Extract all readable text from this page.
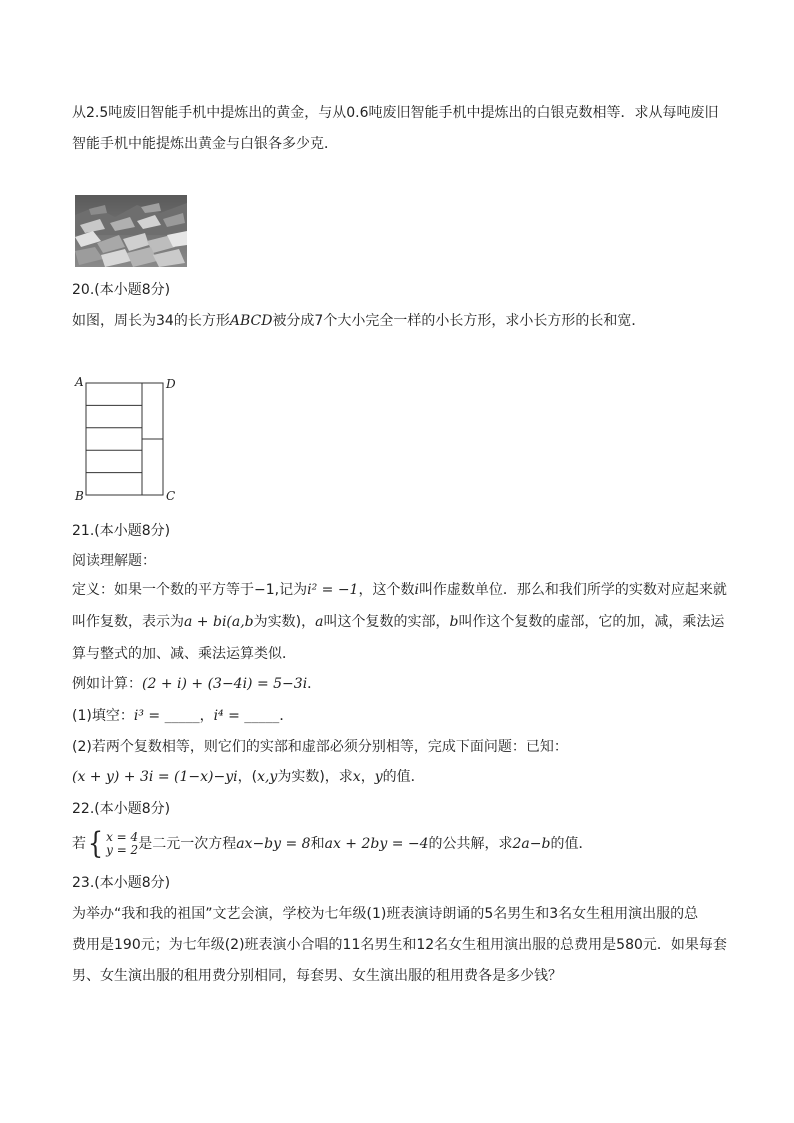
从2.5吨废旧智能手机中提炼出的黄金，与从0.6吨废旧智能手机中提炼出的白银克数相等．求从每吨废旧
智能手机中能提炼出黄金与白银各多少克．
20.(本小题8分)
如图，周长为34的长方形ABCD被分成7个大小完全一样的小长方形，求小长方形的长和宽．
A	D
B	C
21.(本小题8分)
阅读理解题：
定义：如果一个数的平方等于−1,记为i² = −1，这个数i叫作虚数单位．那么和我们所学的实数对应起来就
叫作复数，表示为a + bi(a,b为实数)，a叫这个复数的实部，b叫作这个复数的虚部，它的加，减，乘法运
算与整式的加、减、乘法运算类似．
例如计算：(2 + i) + (3−4i) = 5−3i．
(1)填空：i³ = _____，i⁴ = _____．
(2)若两个复数相等，则它们的实部和虚部必须分别相等，完成下面问题：已知：
(x + y) + 3i = (1−x)−yi，(x,y为实数)，求x，y的值．
22.(本小题8分)
若 { x = 4
y = 2 是二元一次方程ax−by = 8和ax + 2by = −4的公共解，求2a−b的值．
23.(本小题8分)
为举办“我和我的祖国”文艺会演，学校为七年级(1)班表演诗朗诵的5名男生和3名女生租用演出服的总
费用是190元；为七年级(2)班表演小合唱的11名男生和12名女生租用演出服的总费用是580元．如果每套
男、女生演出服的租用费分别相同，每套男、女生演出服的租用费各是多少钱？
